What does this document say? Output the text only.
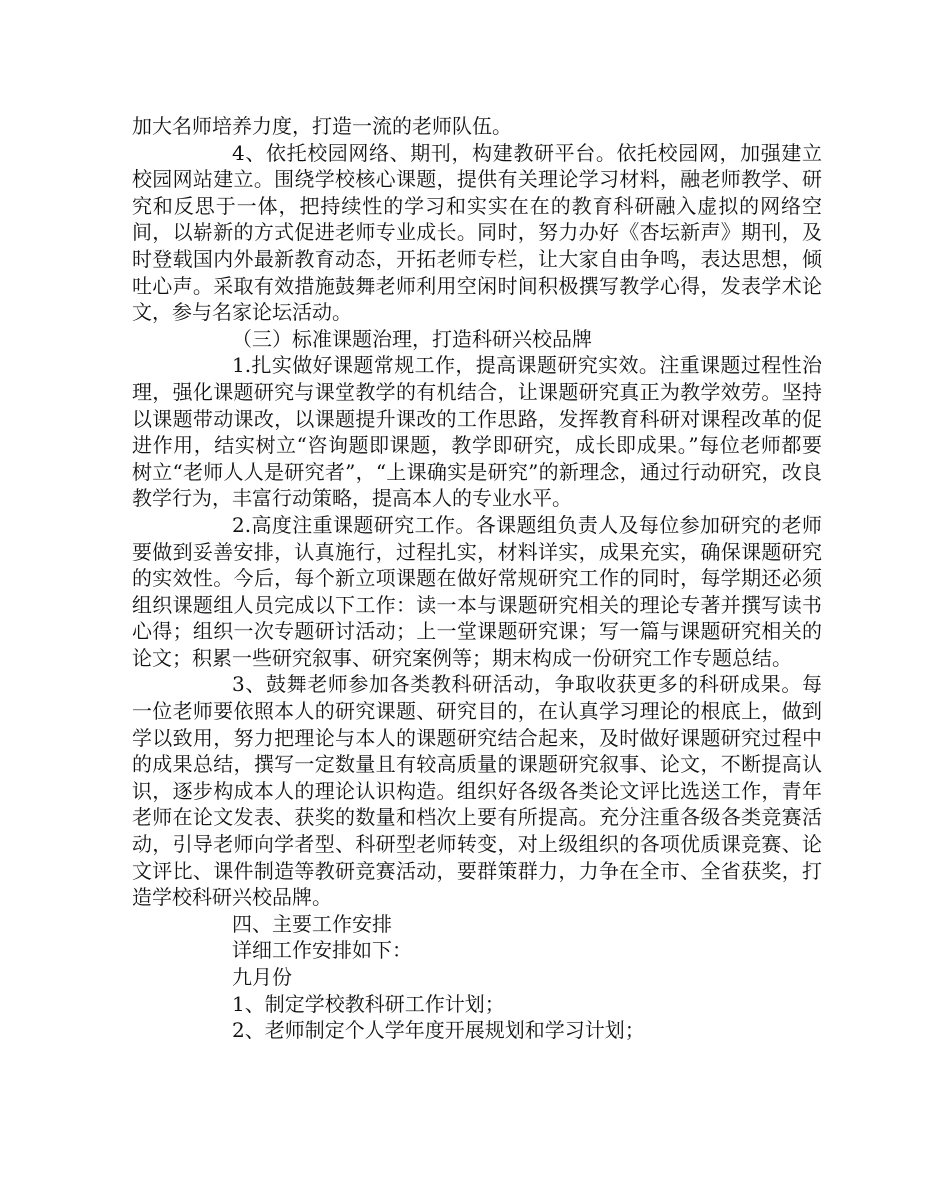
加大名师培养力度，打造一流的老师队伍。

4、依托校园网络、期刊，构建教研平台。依托校园网，加强建立校园网站建立。围绕学校核心课题，提供有关理论学习材料，融老师教学、研究和反思于一体，把持续性的学习和实实在在的教育科研融入虚拟的网络空间，以崭新的方式促进老师专业成长。同时，努力办好《杏坛新声》期刊，及时登载国内外最新教育动态，开拓老师专栏，让大家自由争鸣，表达思想，倾吐心声。采取有效措施鼓舞老师利用空闲时间积极撰写教学心得，发表学术论文，参与名家论坛活动。

（三）标准课题治理，打造科研兴校品牌

1.扎实做好课题常规工作，提高课题研究实效。注重课题过程性治理，强化课题研究与课堂教学的有机结合，让课题研究真正为教学效劳。坚持以课题带动课改，以课题提升课改的工作思路，发挥教育科研对课程改革的促进作用，结实树立“咨询题即课题，教学即研究，成长即成果。”每位老师都要树立“老师人人是研究者”，“上课确实是研究”的新理念，通过行动研究，改良教学行为，丰富行动策略，提高本人的专业水平。

2.高度注重课题研究工作。各课题组负责人及每位参加研究的老师要做到妥善安排，认真施行，过程扎实，材料详实，成果充实，确保课题研究的实效性。今后，每个新立项课题在做好常规研究工作的同时，每学期还必须组织课题组人员完成以下工作：读一本与课题研究相关的理论专著并撰写读书心得；组织一次专题研讨活动；上一堂课题研究课；写一篇与课题研究相关的论文；积累一些研究叙事、研究案例等；期末构成一份研究工作专题总结。

3、鼓舞老师参加各类教科研活动，争取收获更多的科研成果。每一位老师要依照本人的研究课题、研究目的，在认真学习理论的根底上，做到学以致用，努力把理论与本人的课题研究结合起来，及时做好课题研究过程中的成果总结，撰写一定数量且有较高质量的课题研究叙事、论文，不断提高认识，逐步构成本人的理论认识构造。组织好各级各类论文评比选送工作，青年老师在论文发表、获奖的数量和档次上要有所提高。充分注重各级各类竞赛活动，引导老师向学者型、科研型老师转变，对上级组织的各项优质课竞赛、论文评比、课件制造等教研竞赛活动，要群策群力，力争在全市、全省获奖，打造学校科研兴校品牌。

四、主要工作安排

详细工作安排如下：

九月份

1、制定学校教科研工作计划；

2、老师制定个人学年度开展规划和学习计划；
